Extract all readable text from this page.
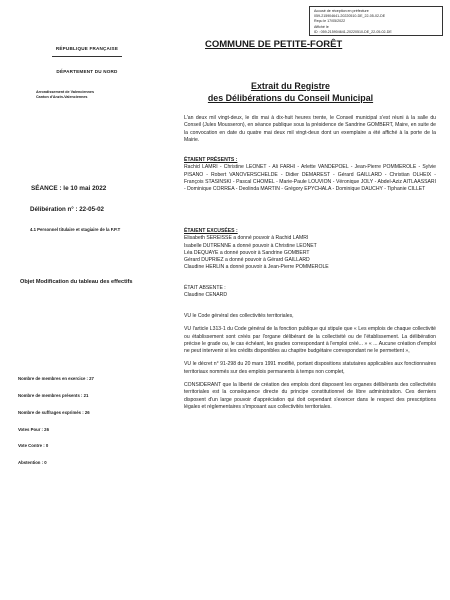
Accusé de réception en préfecture
059-215904641-20220510-DE_22-05-02-DE
Reçu le 17/05/2022
Affiché le
ID : 059-215904641-20220510-DE_22-05-02-DE
RÉPUBLIQUE FRANÇAISE
DÉPARTEMENT DU NORD
Arrondissement de Valenciennes
Canton d'Anzin-Valenciennes
COMMUNE DE PETITE-FORÊT
Extrait du Registre
des Délibérations du Conseil Municipal
SÉANCE : le 10 mai 2022
Délibération n° : 22-05-02
4.1 Personnel titulaire et stagiaire de la F.P.T
Objet Modification du tableau des effectifs
Nombre de membres en exercice : 27
Nombre de membres présents : 21
Nombre de suffrages exprimés : 26
Votes Pour : 26
Vote Contre : 0
Abstention : 0
L'an deux mil vingt-deux, le dix mai à dix-huit heures trente, le Conseil municipal s'est réuni à la salle du Conseil (Jules Mousseron), en séance publique sous la présidence de Sandrine GOMBERT, Maire, en suite de la convocation en date du quatre mai deux mil vingt-deux dont un exemplaire a été affiché à la porte de la Mairie.
ÉTAIENT PRÉSENTS :
Rachid LAMRI - Christine LEONET - Ali FARHI - Arlette VANDEPOEL - Jean-Pierre POMMEROLE - Sylvie PISANO - Robert VANOVERSCHELDE - Didier DEMAREST - Gérard GAILLARD - Christian OLHEIX - François STASINSKI - Pascal CHOMEL - Marie-Paule LOUVION - Véronique JOLY - Abdel-Aziz AITLAASSARI - Dominique CORREA - Deolinda MARTIN - Grégory EPYCHALA - Dominique DAUCHY - Tiphanie CILLET
ÉTAIENT EXCUSÉES :
Elisabeth SEREISSE a donné pouvoir à Rachid LAMRI
Isabelle DUTRENNE a donné pouvoir à Christine LEONET
Léa DEQUAYE a donné pouvoir à Sandrine GOMBERT
Gérard DUPRIEZ a donné pouvoir à Gérard GAILLARD
Claudine HERLIN a donné pouvoir à Jean-Pierre POMMEROLE
ÉTAIT ABSENTE :
Claudine CENARD
VU le Code général des collectivités territoriales,
VU l'article L313-1 du Code général de la fonction publique qui stipule que « Les emplois de chaque collectivité ou établissement sont créés par l'organe délibérant de la collectivité ou de l'établissement. La délibération précise le grade ou, le cas échéant, les grades correspondant à l'emploi créé... » « ... Aucune création d'emploi ne peut intervenir si les crédits disponibles au chapitre budgétaire correspondant ne le permettent »,
VU le décret n° 91-298 du 20 mars 1991 modifié, portant dispositions statutaires applicables aux fonctionnaires territoriaux nommés sur des emplois permanents à temps non complet,
CONSIDERANT que la liberté de création des emplois dont disposent les organes délibérants des collectivités territoriales est la conséquence directe du principe constitutionnel de libre administration. Ces derniers disposent d'un large pouvoir d'appréciation qui doit cependant s'exercer dans le respect des prescriptions légales et réglementaires s'imposant aux collectivités territoriales.
